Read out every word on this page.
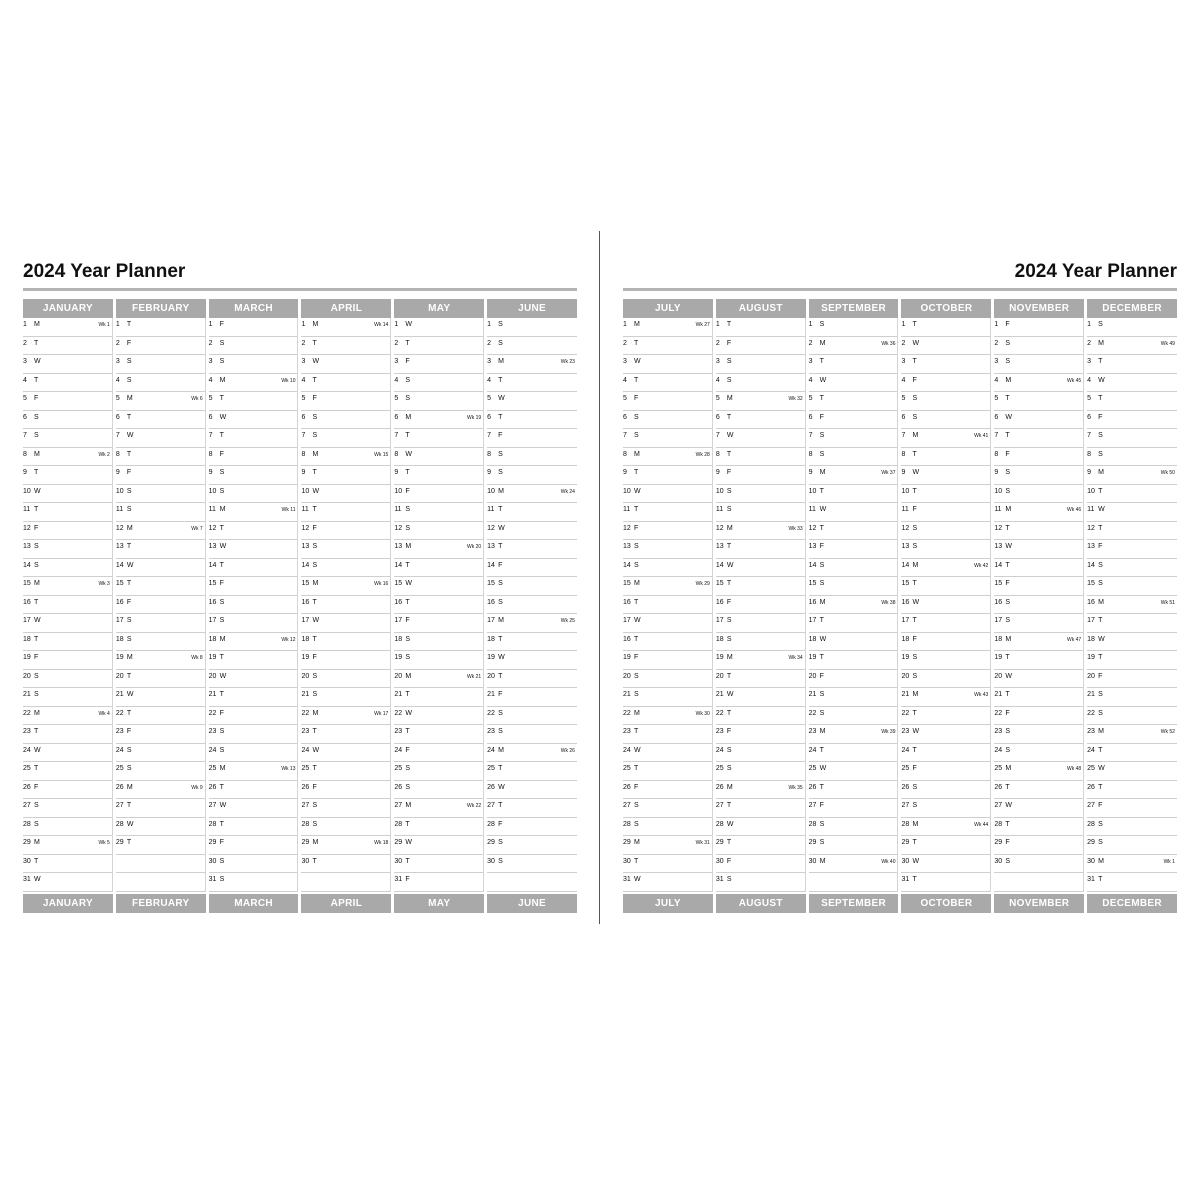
2024 Year Planner
JANUARY
1 M	Wk 1
2 T
3 W
4 T
5 F
6 S
7 S
8 M	Wk 2
9 T
10 W
11 T
12 F
13 S
14 S
15 M	Wk 3
16 T
17 W
18 T
19 F
20 S
21 S
22 M	Wk 4
23 T
24 W
25 T
26 F
27 S
28 S
29 M	Wk 5
30 T
31 W
JANUARY
FEBRUARY
1 T
2 F
3 S
4 S
5 M	Wk 6
6 T
7 W
8 T
9 F
10 S
11 S
12 M	Wk 7
13 T
14 W
15 T
16 F
17 S
18 S
19 M	Wk 8
20 T
21 W
22 T
23 F
24 S
25 S
26 M	Wk 9
27 T
28 W
29 T
FEBRUARY
MARCH
1 F
2 S
3 S
4 M	Wk 10
5 T
6 W
7 T
8 F
9 S
10 S
11 M	Wk 11
12 T
13 W
14 T
15 F
16 S
17 S
18 M	Wk 12
19 T
20 W
21 T
22 F
23 S
24 S
25 M	Wk 13
26 T
27 W
28 T
29 F
30 S
31 S
MARCH
APRIL
1 M	Wk 14
2 T
3 W
4 T
5 F
6 S
7 S
8 M	Wk 15
9 T
10 W
11 T
12 F
13 S
14 S
15 M	Wk 16
16 T
17 W
18 T
19 F
20 S
21 S
22 M	Wk 17
23 T
24 W
25 T
26 F
27 S
28 S
29 M	Wk 18
30 T
APRIL
MAY
1 W
2 T
3 F
4 S
5 S
6 M	Wk 19
7 T
8 W
9 T
10 F
11 S
12 S
13 M	Wk 20
14 T
15 W
16 T
17 F
18 S
19 S
20 M	Wk 21
21 T
22 W
23 T
24 F
25 S
26 S
27 M	Wk 22
28 T
29 W
30 T
31 F
MAY
JUNE
1 S
2 S
3 M	Wk 23
4 T
5 W
6 T
7 F
8 S
9 S
10 M	Wk 24
11 T
12 W
13 T
14 F
15 S
16 S
17 M	Wk 25
18 T
19 W
20 T
21 F
22 S
23 S
24 M	Wk 26
25 T
26 W
27 T
28 F
29 S
30 S
JUNE
2024 Year Planner
JULY
1 M	Wk 27
2 T
3 W
4 T
5 F
6 S
7 S
8 M	Wk 28
9 T
10 W
11 T
12 F
13 S
14 S
15 M	Wk 29
16 T
17 W
16 T
19 F
20 S
21 S
22 M	Wk 30
23 T
24 W
25 T
26 F
27 S
28 S
29 M	Wk 31
30 T
31 W
JULY
AUGUST
1 T
2 F
3 S
4 S
5 M	Wk 32
6 T
7 W
8 T
9 F
10 S
11 S
12 M	Wk 33
13 T
14 W
15 T
16 F
17 S
18 S
19 M	Wk 34
20 T
21 W
22 T
23 F
24 S
25 S
26 M	Wk 35
27 T
28 W
29 T
30 F
31 S
AUGUST
SEPTEMBER
1 S
2 M	Wk 36
3 T
4 W
5 T
6 F
7 S
8 S
9 M	Wk 37
10 T
11 W
12 T
13 F
14 S
15 S
16 M	Wk 38
17 T
18 W
19 T
20 F
21 S
22 S
23 M	Wk 39
24 T
25 W
26 T
27 F
28 S
29 S
30 M	Wk 40
SEPTEMBER
OCTOBER
1 T
2 W
3 T
4 F
5 S
6 S
7 M	Wk 41
8 T
9 W
10 T
11 F
12 S
13 S
14 M	Wk 42
15 T
16 W
17 T
18 F
19 S
20 S
21 M	Wk 43
22 T
23 W
24 T
25 F
26 S
27 S
28 M	Wk 44
29 T
30 W
31 T
OCTOBER
NOVEMBER
1 F
2 S
3 S
4 M	Wk 45
5 T
6 W
7 T
8 F
9 S
10 S
11 M	Wk 46
12 T
13 W
14 T
15 F
16 S
17 S
18 M	Wk 47
19 T
20 W
21 T
22 F
23 S
24 S
25 M	Wk 48
26 T
27 W
28 T
29 F
30 S
NOVEMBER
DECEMBER
1 S
2 M	Wk 49
3 T
4 W
5 T
6 F
7 S
8 S
9 M	Wk 50
10 T
11 W
12 T
13 F
14 S
15 S
16 M	Wk 51
17 T
18 W
19 T
20 F
21 S
22 S
23 M	Wk 52
24 T
25 W
26 T
27 F
28 S
29 S
30 M	Wk 1
31 T
DECEMBER
